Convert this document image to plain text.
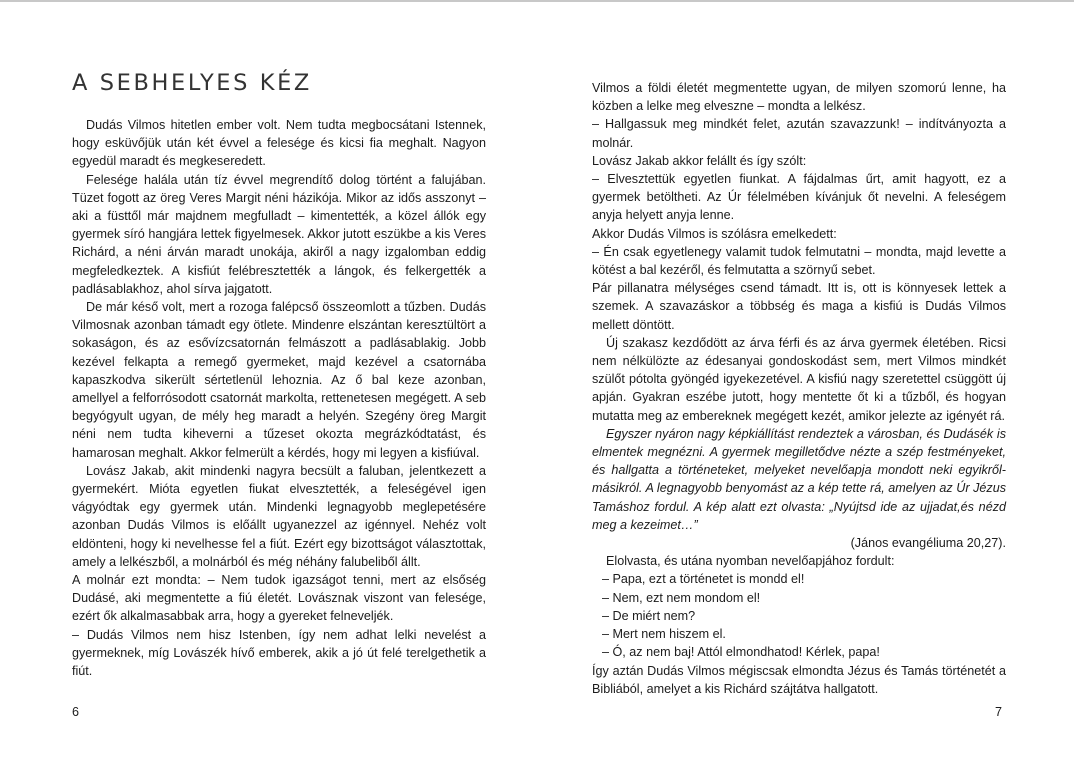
A SEBHELYES KÉZ

Dudás Vilmos hitetlen ember volt. Nem tudta megbocsátani Istennek, hogy esküvőjük után két évvel a felesége és kicsi fia meghalt. Nagyon egyedül maradt és megkeseredett.

Felesége halála után tíz évvel megrendítő dolog történt a falujában. Tüzet fogott az öreg Veres Margit néni házikója. Mikor az idős asszonyt – aki a füsttől már majdnem megfulladt – kimentették, a közel állók egy gyermek síró hangjára lettek figyelmesek. Akkor jutott eszükbe a kis Veres Richárd, a néni árván maradt unokája, akiről a nagy izgalomban eddig megfeledkeztek. A kisfiút felébresztették a lángok, és felkergették a padlásablakhoz, ahol sírva jajgatott.

De már késő volt, mert a rozoga falépcső összeomlott a tűzben. Dudás Vilmosnak azonban támadt egy ötlete. Mindenre elszántan keresztültört a sokaságon, és az esővízcsatornán felmászott a padlásablakig. Jobb kezével felkapta a remegő gyermeket, majd kezével a csatornába kapaszkodva sikerült sértetlenül lehoznia. Az ő bal keze azonban, amellyel a felforrósodott csatornát markolta, rettenetesen megégett. A seb begyógyult ugyan, de mély heg maradt a helyén. Szegény öreg Margit néni nem tudta kiheverni a tűzeset okozta megrázkódtatást, és hamarosan meghalt. Akkor felmerült a kérdés, hogy mi legyen a kisfiúval.

Lovász Jakab, akit mindenki nagyra becsült a faluban, jelentkezett a gyermekért. Mióta egyetlen fiukat elvesztették, a feleségével igen vágyódtak egy gyermek után. Mindenki legnagyobb meglepetésére azonban Dudás Vilmos is előállt ugyanezzel az igénnyel. Nehéz volt eldönteni, hogy ki nevelhesse fel a fiút. Ezért egy bizottságot választottak, amely a lelkészből, a molnárból és még néhány falubeliből állt.

A molnár ezt mondta: – Nem tudok igazságot tenni, mert az elsőség Dudásé, aki megmentette a fiú életét. Lovásznak viszont van felesége, ezért ők alkalmasabbak arra, hogy a gyereket felneveljék.

– Dudás Vilmos nem hisz Istenben, így nem adhat lelki nevelést a gyermeknek, míg Lovászék hívő emberek, akik a jó út felé terelgethetik a fiút.

6

Vilmos a földi életét megmentette ugyan, de milyen szomorú lenne, ha közben a lelke meg elveszne – mondta a lelkész.

– Hallgassuk meg mindkét felet, azután szavazzunk! – indítványozta a molnár.

Lovász Jakab akkor felállt és így szólt:

– Elvesztettük egyetlen fiunkat. A fájdalmas űrt, amit hagyott, ez a gyermek betöltheti. Az Úr félelmében kívánjuk őt nevelni. A feleségem anyja helyett anyja lenne.

Akkor Dudás Vilmos is szólásra emelkedett:

– Én csak egyetlenegy valamit tudok felmutatni – mondta, majd levette a kötést a bal kezéről, és felmutatta a szörnyű sebet.

Pár pillanatra mélységes csend támadt. Itt is, ott is könnyesek lettek a szemek. A szavazáskor a többség és maga a kisfiú is Dudás Vilmos mellett döntött.

Új szakasz kezdődött az árva férfi és az árva gyermek életében. Ricsi nem nélkülözte az édesanyai gondoskodást sem, mert Vilmos mindkét szülőt pótolta gyöngéd igyekezetével. A kisfiú nagy szeretettel csüggött új apján. Gyakran eszébe jutott, hogy mentette őt ki a tűzből, és hogyan mutatta meg az embereknek megégett kezét, amikor jelezte az igényét rá.

Egyszer nyáron nagy képkiállítást rendeztek a városban, és Dudásék is elmentek megnézni. A gyermek megilletődve nézte a szép festményeket, és hallgatta a történeteket, melyeket nevelőapja mondott neki egyikről-másikról. A legnagyobb benyomást az a kép tette rá, amelyen az Úr Jézus Tamáshoz fordul. A kép alatt ezt olvasta: „Nyújtsd ide az ujjadat,és nézd meg a kezeimet…”

(János evangéliuma 20,27).

Elolvasta, és utána nyomban nevelőapjához fordult:

– Papa, ezt a történetet is mondd el!

– Nem, ezt nem mondom el!

– De miért nem?

– Mert nem hiszem el.

– Ó, az nem baj! Attól elmondhatod! Kérlek, papa!

Így aztán Dudás Vilmos mégiscsak elmondta Jézus és Tamás történetét a Bibliából, amelyet a kis Richárd szájtátva hallgatott.

7
